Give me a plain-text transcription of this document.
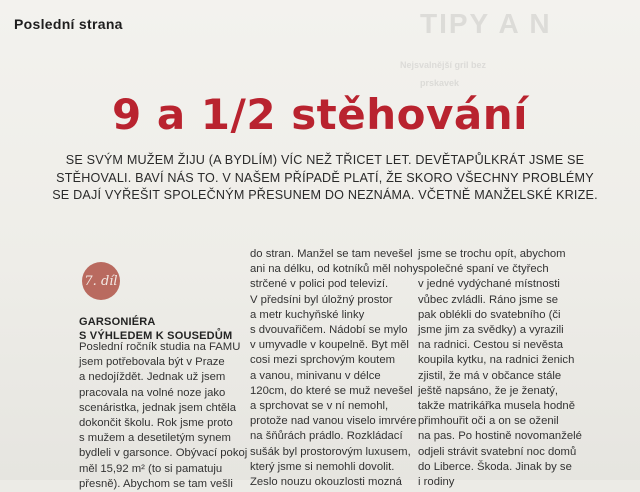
TIPY A N
Nejsvalnější gril bez
prskavek
Poslední strana
9 a 1/2 stěhování
SE SVÝM MUŽEM ŽIJU (A BYDLÍM) VÍC NEŽ TŘICET LET. DEVĚTAPŮLKRÁT JSME SE STĚHOVALI. BAVÍ NÁS TO. V NAŠEM PŘÍPADĚ PLATÍ, ŽE SKORO VŠECHNY PROBLÉMY SE DAJÍ VYŘEŠIT SPOLEČNÝM PŘESUNEM DO NEZNÁMA. VČETNĚ MANŽELSKÉ KRIZE.
7. díl

Poslední ročník studia na FAMU

jsem potřebovala být v Praze

a nedojíždět. Jednak už jsem

pracovala na volné noze jako

scenáristka, jednak jsem chtěla

dokončit školu. Rok jsme proto

s mužem a desetiletým synem

bydleli v garsonce. Obývací pokoj

měl 15,92 m² (to si pamatuju

přesně). Abychom se tam vešli

GARSONIÉRA
S VÝHLEDEM K SOUSEDŮM

do stran. Manžel se tam nevešel

ani na délku, od kotníků měl nohy

strčené v polici pod televizí.

V předsíni byl úložný prostor

a metr kuchyňské linky

s dvouvařičem. Nádobí se mylo

v umyvadle v koupelně. Byt měl

cosi mezi sprchovým koutem

a vanou, minivanu v délce

120cm, do které se muž nevešel

a sprchovat se v ní nemohl,

protože nad vanou viselo imrvére

na šňůrách prádlo. Rozkládací

sušák byl prostorovým luxusem,

který jsme si nemohli dovolit.

Zeslo nouzu okouzlosti mozná

jsme se trochu opít, abychom

společné spaní ve čtyřech

v jedné vydýchané místnosti

vůbec zvládli. Ráno jsme se

pak oblékli do svatebního (či

jsme jim za svědky) a vyrazili

na radnici. Cestou si nevěsta

koupila kytku, na radnici ženich

zjistil, že má v občance stále

ještě napsáno, že je ženatý,

takže matrikářka musela hodně

přimhouřit oči a on se oženil

na pas. Po hostině novomanželé

odjeli strávit svatební noc domů

do Liberce. Škoda. Jinak by se

i rodiny
